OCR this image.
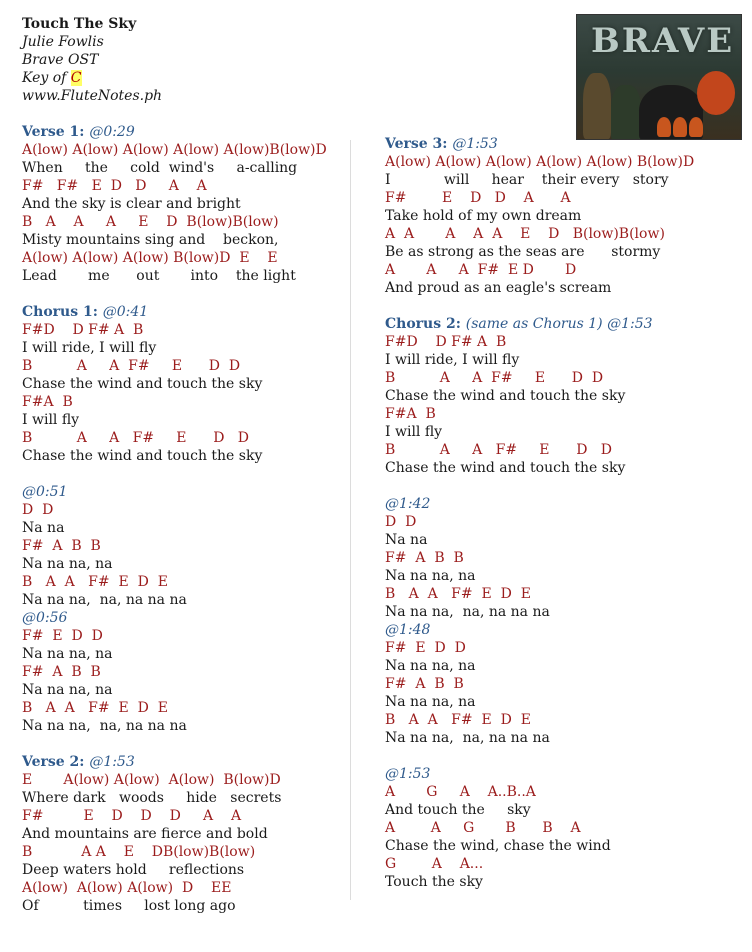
Touch The Sky
Julie Fowlis
Brave OST
Key of C
www.FluteNotes.ph
Verse 1: @0:29
A(low) A(low) A(low) A(low) A(low)B(low)D
When     the     cold  wind's     a-calling
F#   F#   E  D   D     A    A
And the sky is clear and bright
B   A    A     A     E    D  B(low)B(low)
Misty mountains sing and    beckon,
A(low) A(low) A(low) B(low)D  E    E
Lead       me      out       into    the light
Chorus 1: @0:41
F#D    D F# A  B
I will ride, I will fly
B          A     A  F#     E      D  D
Chase the wind and touch the sky
F#A  B
I will fly
B          A     A   F#     E      D   D
Chase the wind and touch the sky
@0:51
D  D
Na na
F#  A  B  B
Na na na, na
B   A  A   F#  E  D  E
Na na na,  na, na na na
@0:56
F#  E  D  D
Na na na, na
F#  A  B  B
Na na na, na
B   A  A   F#  E  D  E
Na na na,  na, na na na
Verse 2: @1:53
E       A(low) A(low)  A(low)  B(low)D
Where dark   woods     hide   secrets
F#         E    D    D    D     A    A
And mountains are fierce and bold
B           A A    E    DB(low)B(low)
Deep waters hold     reflections
A(low)  A(low) A(low)  D    EE
Of          times     lost long ago
BRAVE
Verse 3: @1:53
A(low) A(low) A(low) A(low) A(low) B(low)D
I            will     hear    their every   story
F#        E    D   D    A      A
Take hold of my own dream
A  A       A    A  A    E    D   B(low)B(low)
Be as strong as the seas are      stormy
A       A     A  F#  E D       D
And proud as an eagle's scream
Chorus 2: (same as Chorus 1) @1:53
F#D    D F# A  B
I will ride, I will fly
B          A     A  F#     E      D  D
Chase the wind and touch the sky
F#A  B
I will fly
B          A     A   F#     E      D   D
Chase the wind and touch the sky
@1:42
D  D
Na na
F#  A  B  B
Na na na, na
B   A  A   F#  E  D  E
Na na na,  na, na na na
@1:48
F#  E  D  D
Na na na, na
F#  A  B  B
Na na na, na
B   A  A   F#  E  D  E
Na na na,  na, na na na
@1:53
A       G     A    A..B..A
And touch the     sky
A        A     G       B      B    A
Chase the wind, chase the wind
G        A    A...
Touch the sky
